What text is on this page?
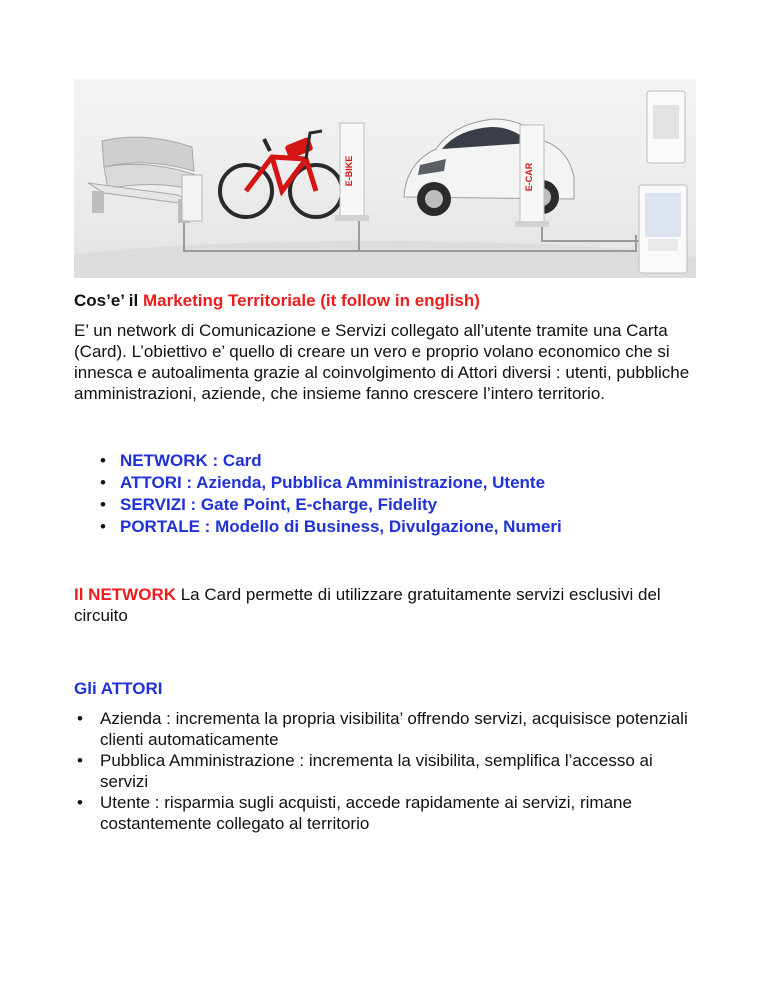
E-BIKE	E-CAR
Cos’e’ il Marketing Territoriale (it follow in english)
E’ un network di Comunicazione e Servizi collegato all’utente tramite una Carta (Card). L’obiettivo e’ quello di creare un vero e proprio volano economico che si innesca e autoalimenta grazie al coinvolgimento di Attori diversi : utenti, pubbliche amministrazioni, aziende, che insieme fanno crescere l’intero territorio.
• NETWORK : Card
• ATTORI : Azienda, Pubblica Amministrazione, Utente
• SERVIZI : Gate Point, E-charge, Fidelity
• PORTALE : Modello di Business, Divulgazione, Numeri
Il NETWORK La Card permette di utilizzare gratuitamente servizi esclusivi del circuito
Gli ATTORI
• Azienda : incrementa la propria visibilita’ offrendo servizi, acquisisce potenziali clienti automaticamente
• Pubblica Amministrazione : incrementa la visibilita, semplifica l’accesso ai servizi
• Utente : risparmia sugli acquisti, accede rapidamente ai servizi, rimane costantemente collegato al territorio
